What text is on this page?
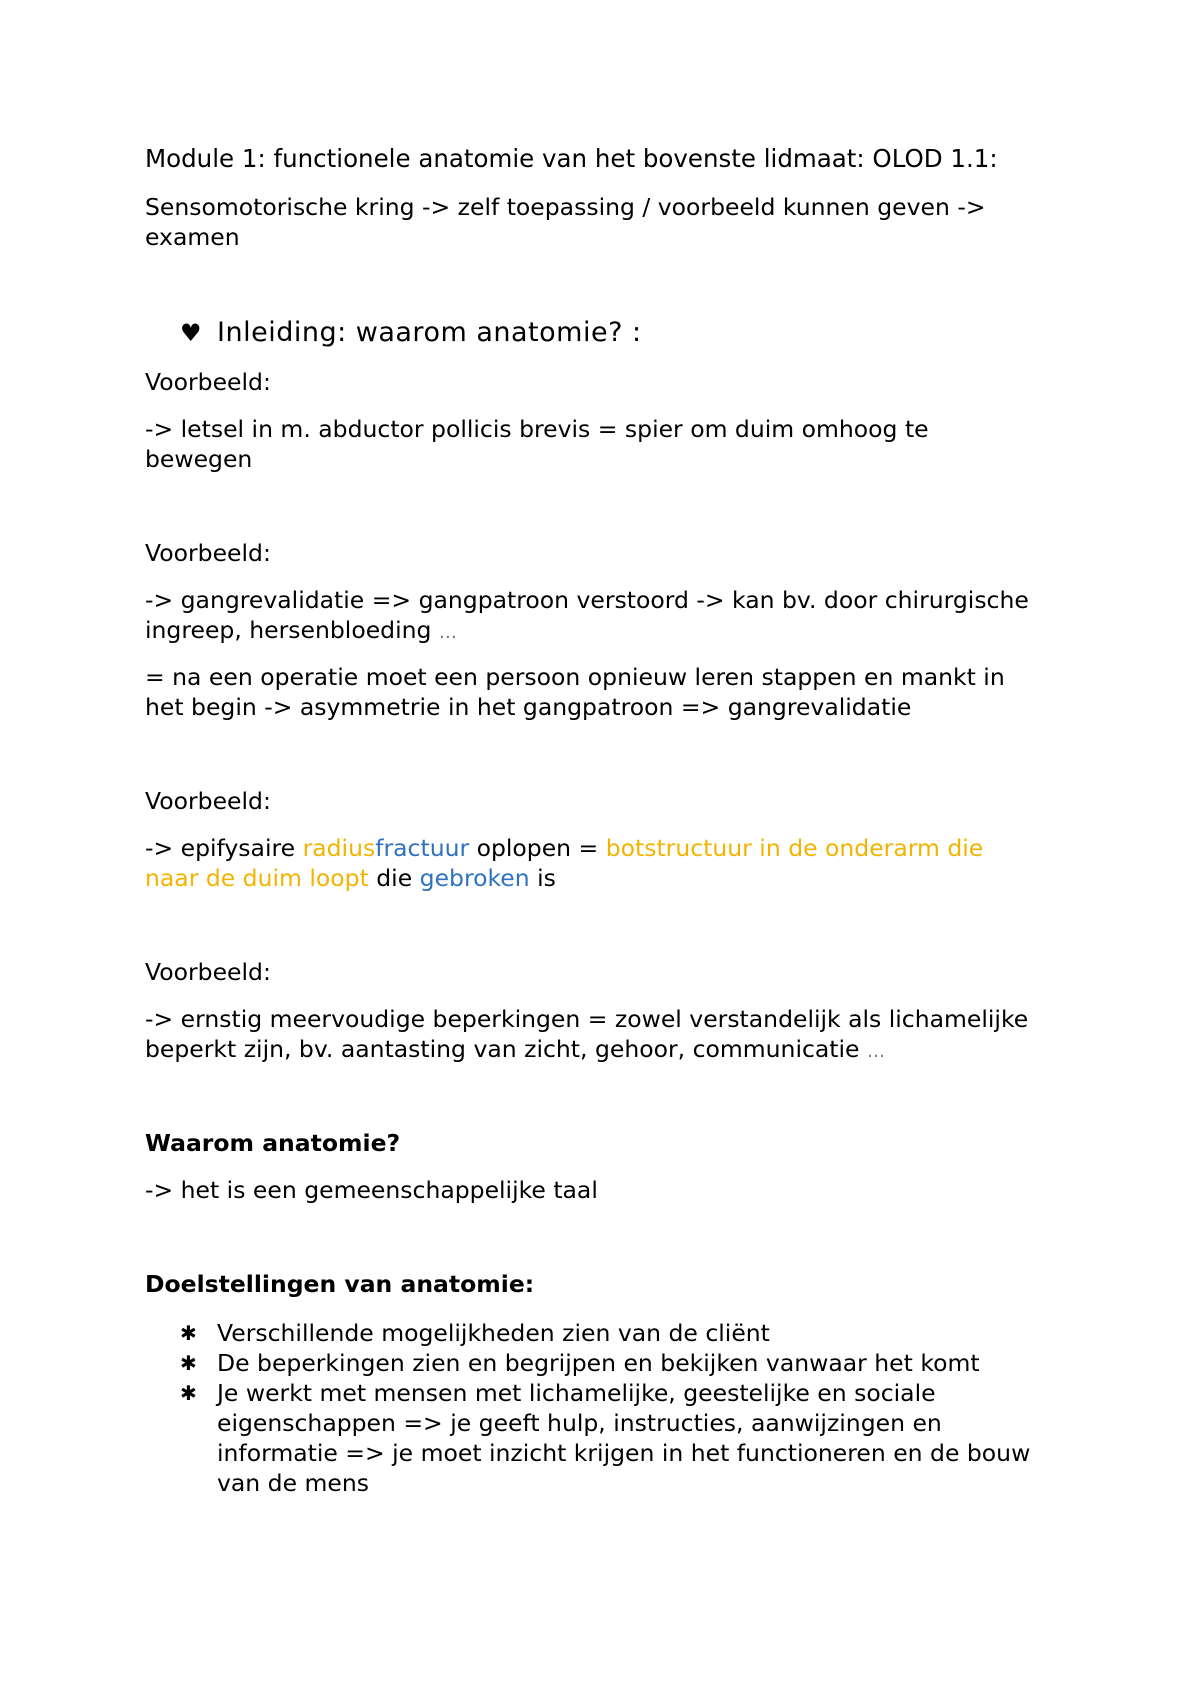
Module 1: functionele anatomie van het bovenste lidmaat: OLOD 1.1:
Sensomotorische kring -> zelf toepassing / voorbeeld kunnen geven ->
examen
♥ Inleiding: waarom anatomie? :
Voorbeeld:
-> letsel in m. abductor pollicis brevis = spier om duim omhoog te
bewegen
Voorbeeld:
-> gangrevalidatie => gangpatroon verstoord -> kan bv. door chirurgische
ingreep, hersenbloeding …
= na een operatie moet een persoon opnieuw leren stappen en mankt in
het begin -> asymmetrie in het gangpatroon => gangrevalidatie
Voorbeeld:
-> epifysaire radiusfractuur oplopen = botstructuur in de onderarm die
naar de duim loopt die gebroken is
Voorbeeld:
-> ernstig meervoudige beperkingen = zowel verstandelijk als lichamelijke
beperkt zijn, bv. aantasting van zicht, gehoor, communicatie …
Waarom anatomie?
-> het is een gemeenschappelijke taal
Doelstellingen van anatomie:
✱ Verschillende mogelijkheden zien van de cliënt
✱ De beperkingen zien en begrijpen en bekijken vanwaar het komt
✱ Je werkt met mensen met lichamelijke, geestelijke en sociale
eigenschappen => je geeft hulp, instructies, aanwijzingen en
informatie => je moet inzicht krijgen in het functioneren en de bouw
van de mens
